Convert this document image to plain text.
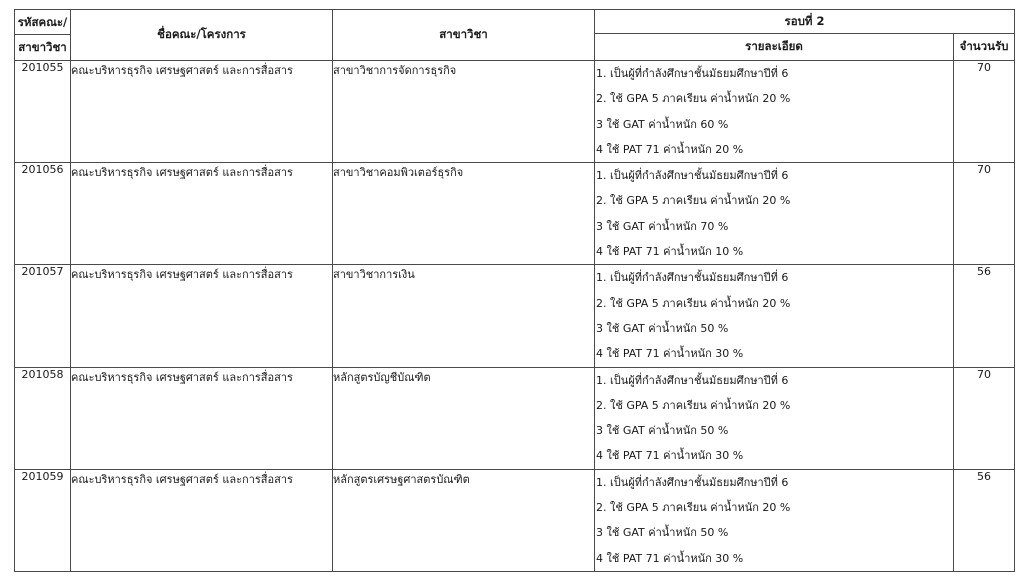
รหัสคณะ/
สาขาวิชา	ชื่อคณะ/โครงการ	สาขาวิชา	รอบที่ 2	
			รายละเอียด	จำนวนรับ
201055	คณะบริหารธุรกิจ เศรษฐศาสตร์ และการสื่อสาร	สาขาวิชาการจัดการธุรกิจ	1. เป็นผู้ที่กำลังศึกษาชั้นมัธยมศึกษาปีที่ 6
2. ใช้ GPA 5 ภาคเรียน ค่าน้ำหนัก 20 %
3 ใช้ GAT ค่าน้ำหนัก 60 %
4 ใช้ PAT 71 ค่าน้ำหนัก 20 %	70
201056	คณะบริหารธุรกิจ เศรษฐศาสตร์ และการสื่อสาร	สาขาวิชาคอมพิวเตอร์ธุรกิจ	1. เป็นผู้ที่กำลังศึกษาชั้นมัธยมศึกษาปีที่ 6
2. ใช้ GPA 5 ภาคเรียน ค่าน้ำหนัก 20 %
3 ใช้ GAT ค่าน้ำหนัก 70 %
4 ใช้ PAT 71 ค่าน้ำหนัก 10 %	70
201057	คณะบริหารธุรกิจ เศรษฐศาสตร์ และการสื่อสาร	สาขาวิชาการเงิน	1. เป็นผู้ที่กำลังศึกษาชั้นมัธยมศึกษาปีที่ 6
2. ใช้ GPA 5 ภาคเรียน ค่าน้ำหนัก 20 %
3 ใช้ GAT ค่าน้ำหนัก 50 %
4 ใช้ PAT 71 ค่าน้ำหนัก 30 %	56
201058	คณะบริหารธุรกิจ เศรษฐศาสตร์ และการสื่อสาร	หลักสูตรบัญชีบัณฑิต	1. เป็นผู้ที่กำลังศึกษาชั้นมัธยมศึกษาปีที่ 6
2. ใช้ GPA 5 ภาคเรียน ค่าน้ำหนัก 20 %
3 ใช้ GAT ค่าน้ำหนัก 50 %
4 ใช้ PAT 71 ค่าน้ำหนัก 30 %	70
201059	คณะบริหารธุรกิจ เศรษฐศาสตร์ และการสื่อสาร	หลักสูตรเศรษฐศาสตรบัณฑิต	1. เป็นผู้ที่กำลังศึกษาชั้นมัธยมศึกษาปีที่ 6
2. ใช้ GPA 5 ภาคเรียน ค่าน้ำหนัก 20 %
3 ใช้ GAT ค่าน้ำหนัก 50 %
4 ใช้ PAT 71 ค่าน้ำหนัก 30 %	56
